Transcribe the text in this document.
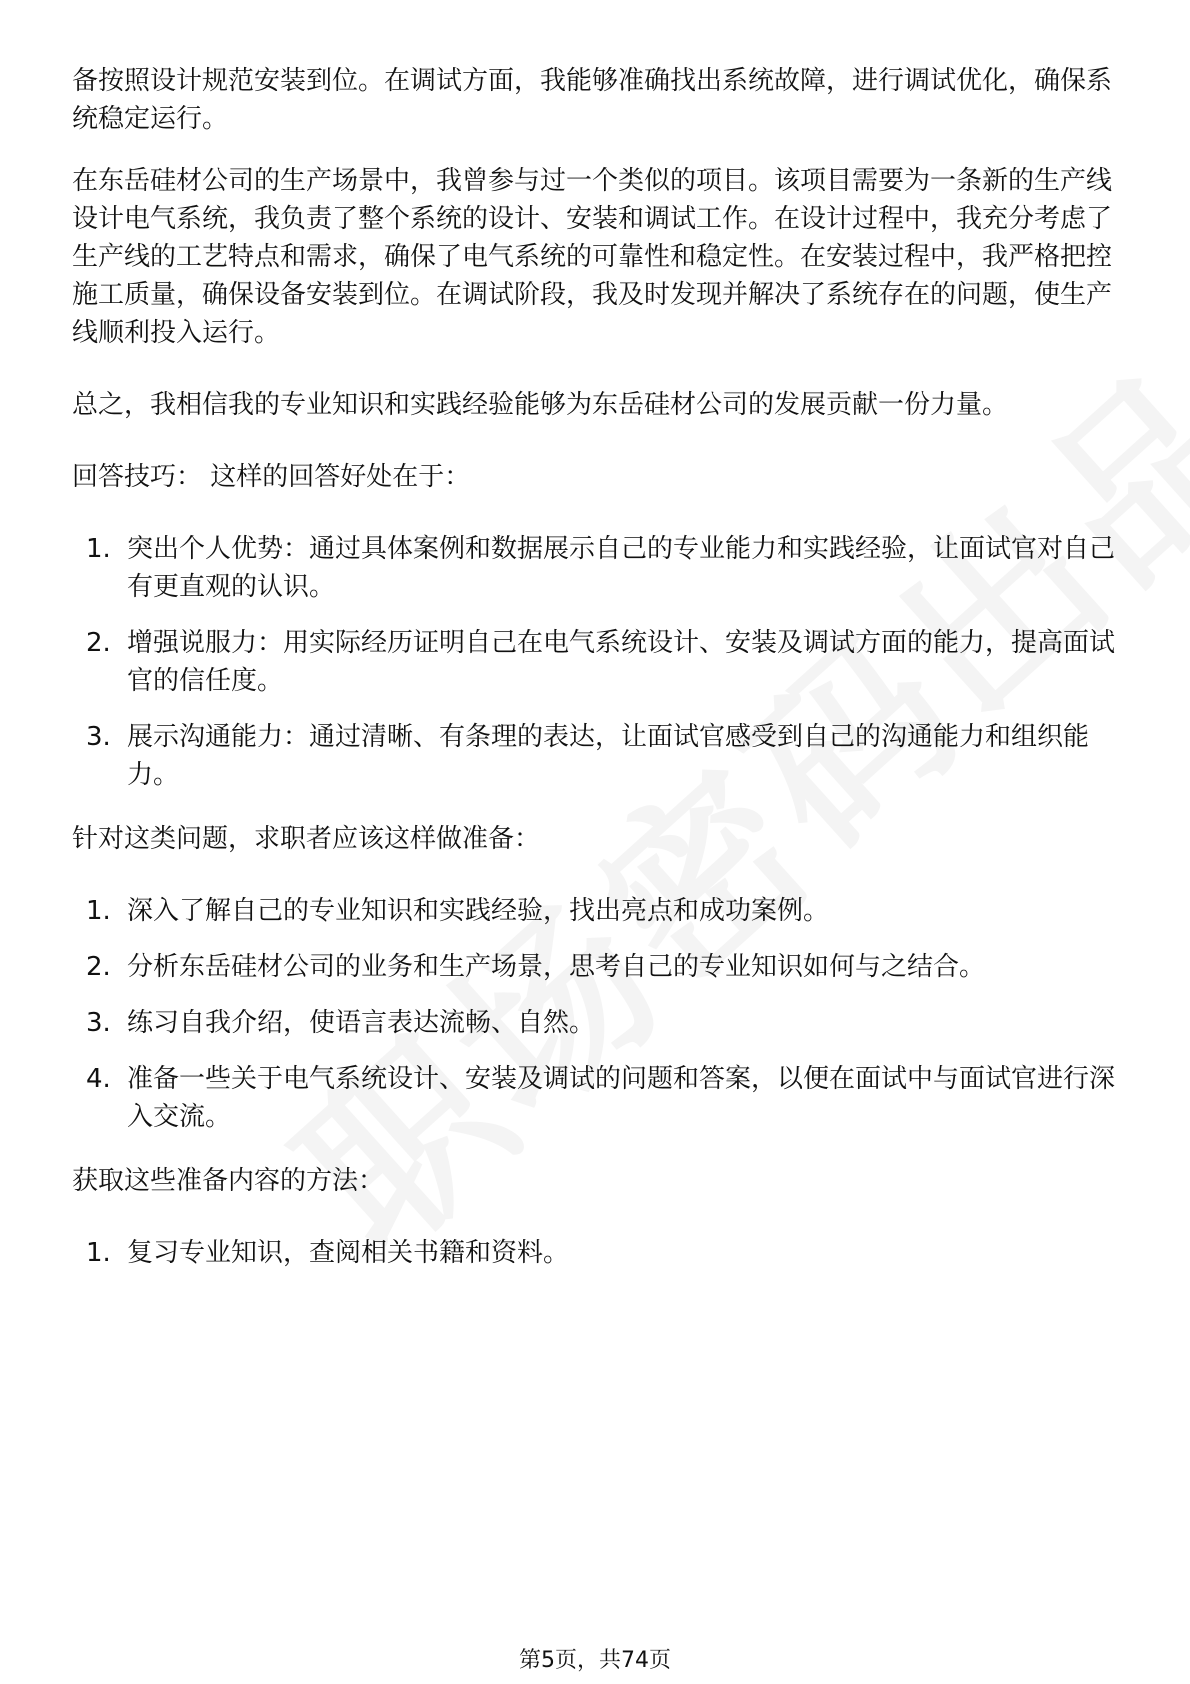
备按照设计规范安装到位。在调试方面，我能够准确找出系统故障，进行调试优化，确保系统稳定运行。

在东岳硅材公司的生产场景中，我曾参与过一个类似的项目。该项目需要为一条新的生产线设计电气系统，我负责了整个系统的设计、安装和调试工作。在设计过程中，我充分考虑了生产线的工艺特点和需求，确保了电气系统的可靠性和稳定性。在安装过程中，我严格把控施工质量，确保设备安装到位。在调试阶段，我及时发现并解决了系统存在的问题，使生产线顺利投入运行。

总之，我相信我的专业知识和实践经验能够为东岳硅材公司的发展贡献一份力量。

回答技巧： 这样的回答好处在于：

1. 突出个人优势：通过具体案例和数据展示自己的专业能力和实践经验，让面试官对自己有更直观的认识。
2. 增强说服力：用实际经历证明自己在电气系统设计、安装及调试方面的能力，提高面试官的信任度。
3. 展示沟通能力：通过清晰、有条理的表达，让面试官感受到自己的沟通能力和组织能力。

针对这类问题，求职者应该这样做准备：

1. 深入了解自己的专业知识和实践经验，找出亮点和成功案例。
2. 分析东岳硅材公司的业务和生产场景，思考自己的专业知识如何与之结合。
3. 练习自我介绍，使语言表达流畅、自然。
4. 准备一些关于电气系统设计、安装及调试的问题和答案，以便在面试中与面试官进行深入交流。

获取这些准备内容的方法：

1. 复习专业知识，查阅相关书籍和资料。
第5页，共74页
